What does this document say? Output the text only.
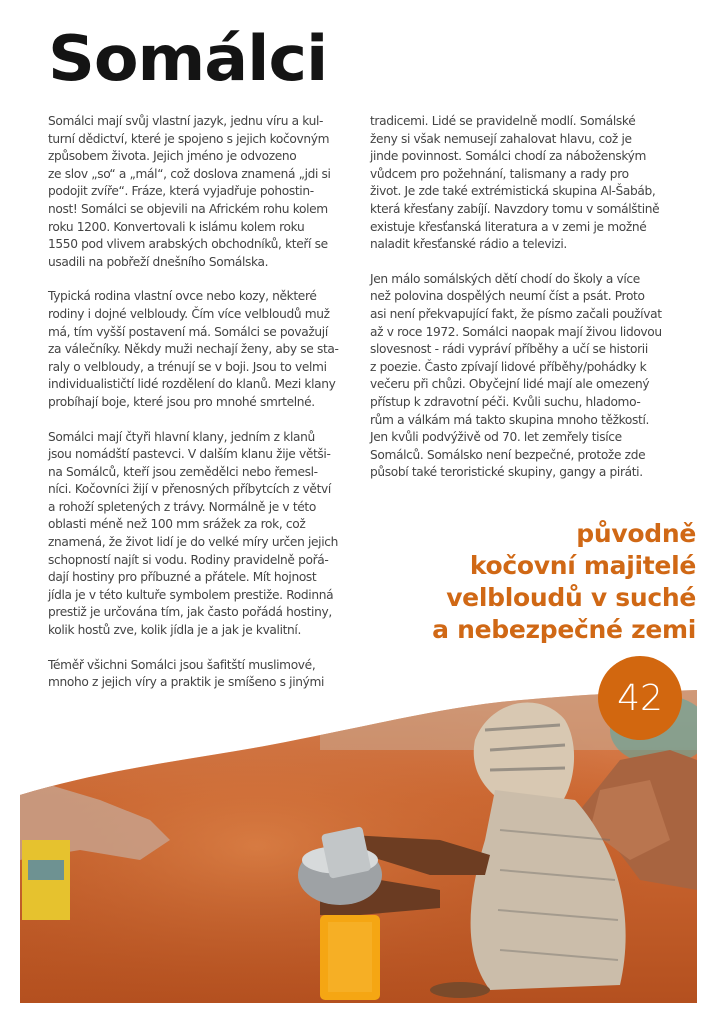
Somálci

Somálci mají svůj vlastní jazyk, jednu víru a kul-
turní dědictví, které je spojeno s jejich kočovným
způsobem života. Jejich jméno je odvozeno
ze slov „so“ a „mál“, což doslova znamená „jdi si
podojit zvíře“. Fráze, která vyjadřuje pohostin-
nost! Somálci se objevili na Africkém rohu kolem
roku 1200. Konvertovali k islámu kolem roku
1550 pod vlivem arabských obchodníků, kteří se
usadili na pobřeží dnešního Somálska.

Typická rodina vlastní ovce nebo kozy, některé
rodiny i dojné velbloudy. Čím více velbloudů muž
má, tím vyšší postavení má. Somálci se považují
za válečníky. Někdy muži nechají ženy, aby se sta-
raly o velbloudy, a trénují se v boji. Jsou to velmi
individualističtí lidé rozdělení do klanů. Mezi klany
probíhají boje, které jsou pro mnohé smrtelné.

Somálci mají čtyři hlavní klany, jedním z klanů
jsou nomádští pastevci. V dalším klanu žije větši-
na Somálců, kteří jsou zemědělci nebo řemesl-
níci. Kočovníci žijí v přenosných příbytcích z větví
a rohoží spletených z trávy. Normálně je v této
oblasti méně než 100 mm srážek za rok, což
znamená, že život lidí je do velké míry určen jejich
schopností najít si vodu. Rodiny pravidelně pořá-
dají hostiny pro příbuzné a přátele. Mít hojnost
jídla je v této kultuře symbolem prestiže. Rodinná
prestiž je určována tím, jak často pořádá hostiny,
kolik hostů zve, kolik jídla je a jak je kvalitní.

Téměř všichni Somálci jsou šafitští muslimové,
mnoho z jejich víry a praktik je smíšeno s jinými

tradicemi. Lidé se pravidelně modlí. Somálské
ženy si však nemusejí zahalovat hlavu, což je
jinde povinnost. Somálci chodí za náboženským
vůdcem pro požehnání, talismany a rady pro
život. Je zde také extrémistická skupina Al-Šabáb,
která křesťany zabíjí. Navzdory tomu v somálštině
existuje křesťanská literatura a v zemi je možné
naladit křesťanské rádio a televizi.

Jen málo somálských dětí chodí do školy a více
než polovina dospělých neumí číst a psát. Proto
asi není překvapující fakt, že písmo začali používat
až v roce 1972. Somálci naopak mají živou lidovou
slovesnost - rádi vypráví příběhy a učí se historii
z poezie. Často zpívají lidové příběhy/pohádky k
večeru při chůzi. Obyčejní lidé mají ale omezený
přístup k zdravotní péči. Kvůli suchu, hladomo-
rům a válkám má takto skupina mnoho těžkostí.
Jen kvůli podvýživě od 70. let zemřely tisíce
Somálců. Somálsko není bezpečné, protože zde
působí také teroristické skupiny, gangy a piráti.

původně
kočovní majitelé
velbloudů v suché
a nebezpečné zemi
42
